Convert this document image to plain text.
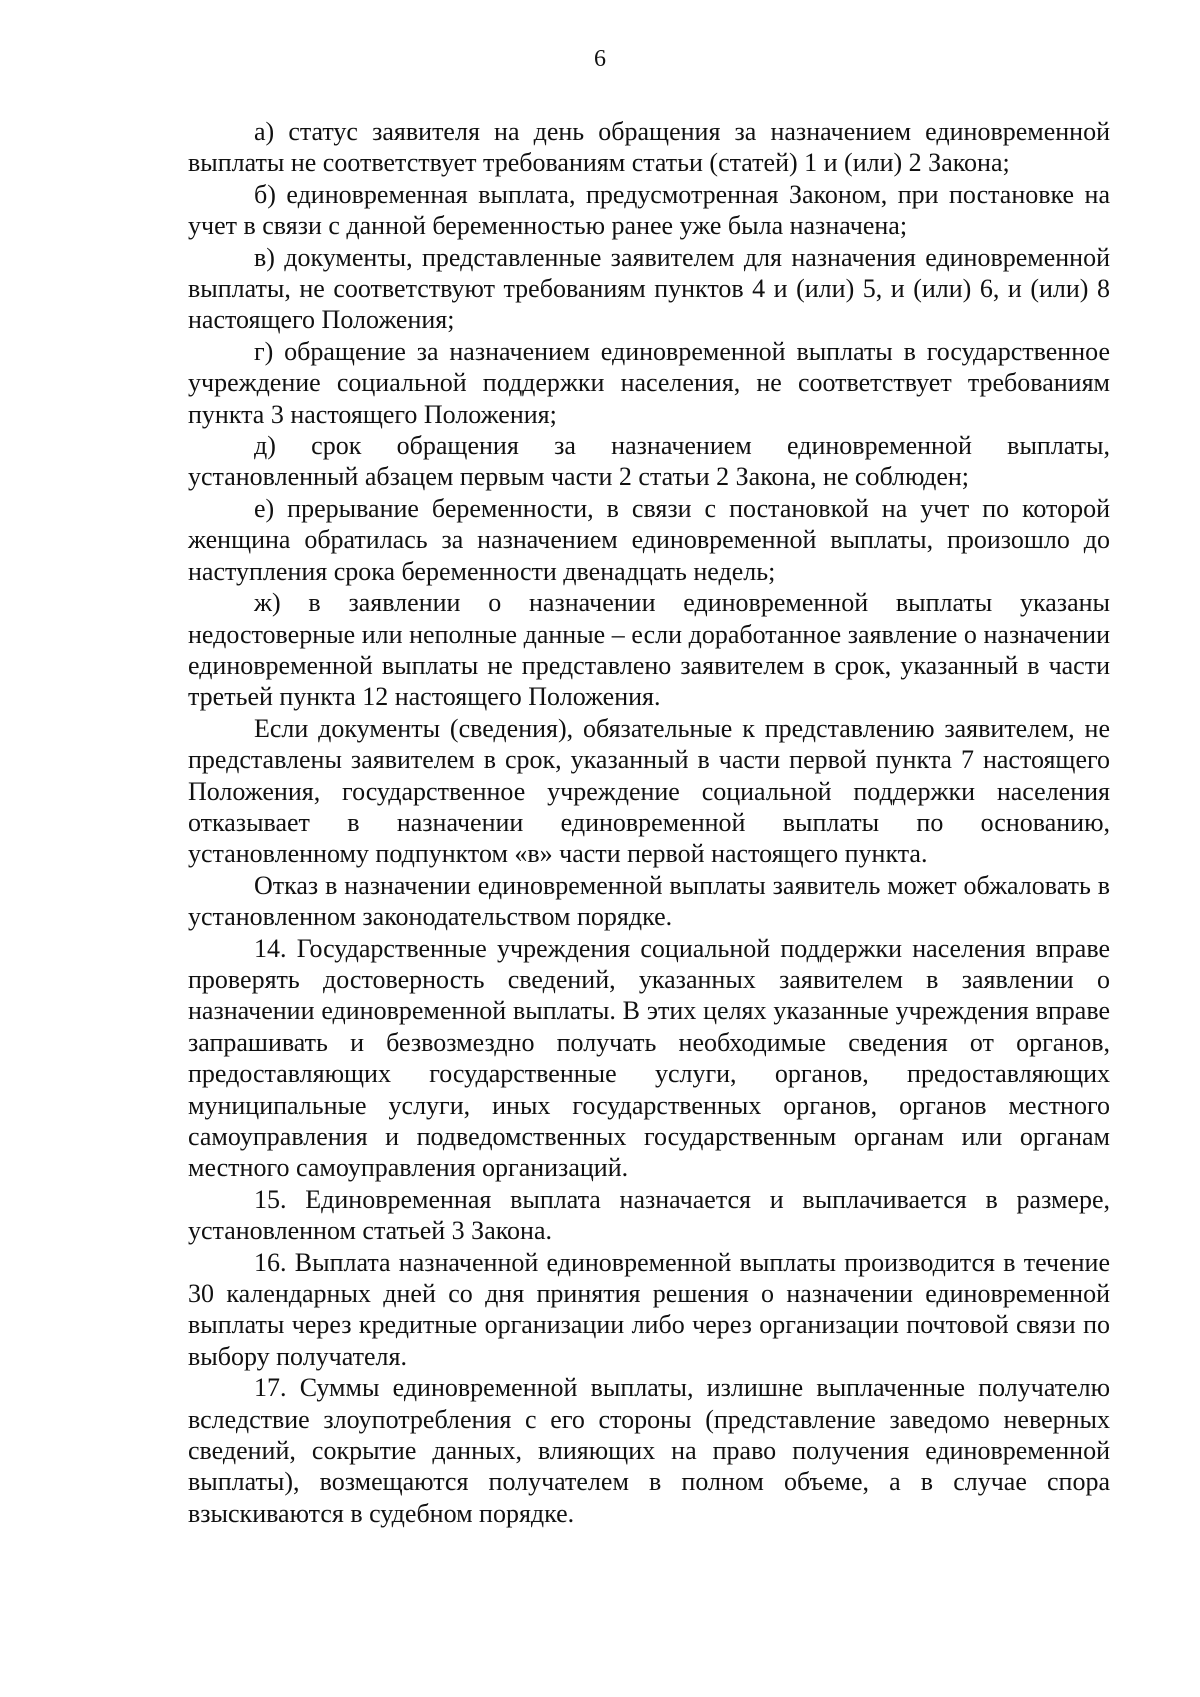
6

а) статус заявителя на день обращения за назначением единовременной выплаты не соответствует требованиям статьи (статей) 1 и (или) 2 Закона;

б) единовременная выплата, предусмотренная Законом, при постановке на учет в связи с данной беременностью ранее уже была назначена;

в) документы, представленные заявителем для назначения единовременной выплаты, не соответствуют требованиям пунктов 4 и (или) 5, и (или) 6, и (или) 8 настоящего Положения;

г) обращение за назначением единовременной выплаты в государственное учреждение социальной поддержки населения, не соответствует требованиям пункта 3 настоящего Положения;

д) срок обращения за назначением единовременной выплаты, установленный абзацем первым части 2 статьи 2 Закона, не соблюден;

е) прерывание беременности, в связи с постановкой на учет по которой женщина обратилась за назначением единовременной выплаты, произошло до наступления срока беременности двенадцать недель;

ж) в заявлении о назначении единовременной выплаты указаны недостоверные или неполные данные – если доработанное заявление о назначении единовременной выплаты не представлено заявителем в срок, указанный в части третьей пункта 12 настоящего Положения.

Если документы (сведения), обязательные к представлению заявителем, не представлены заявителем в срок, указанный в части первой пункта 7 настоящего Положения, государственное учреждение социальной поддержки населения отказывает в назначении единовременной выплаты по основанию, установленному подпунктом «в» части первой настоящего пункта.

Отказ в назначении единовременной выплаты заявитель может обжаловать в установленном законодательством порядке.

14. Государственные учреждения социальной поддержки населения вправе проверять достоверность сведений, указанных заявителем в заявлении о назначении единовременной выплаты. В этих целях указанные учреждения вправе запрашивать и безвозмездно получать необходимые сведения от органов, предоставляющих государственные услуги, органов, предоставляющих муниципальные услуги, иных государственных органов, органов местного самоуправления и подведомственных государственным органам или органам местного самоуправления организаций.

15. Единовременная выплата назначается и выплачивается в размере, установленном статьей 3 Закона.

16. Выплата назначенной единовременной выплаты производится в течение 30 календарных дней со дня принятия решения о назначении единовременной выплаты через кредитные организации либо через организации почтовой связи по выбору получателя.

17. Суммы единовременной выплаты, излишне выплаченные получателю вследствие злоупотребления с его стороны (представление заведомо неверных сведений, сокрытие данных, влияющих на право получения единовременной выплаты), возмещаются получателем в полном объеме, а в случае спора взыскиваются в судебном порядке.
